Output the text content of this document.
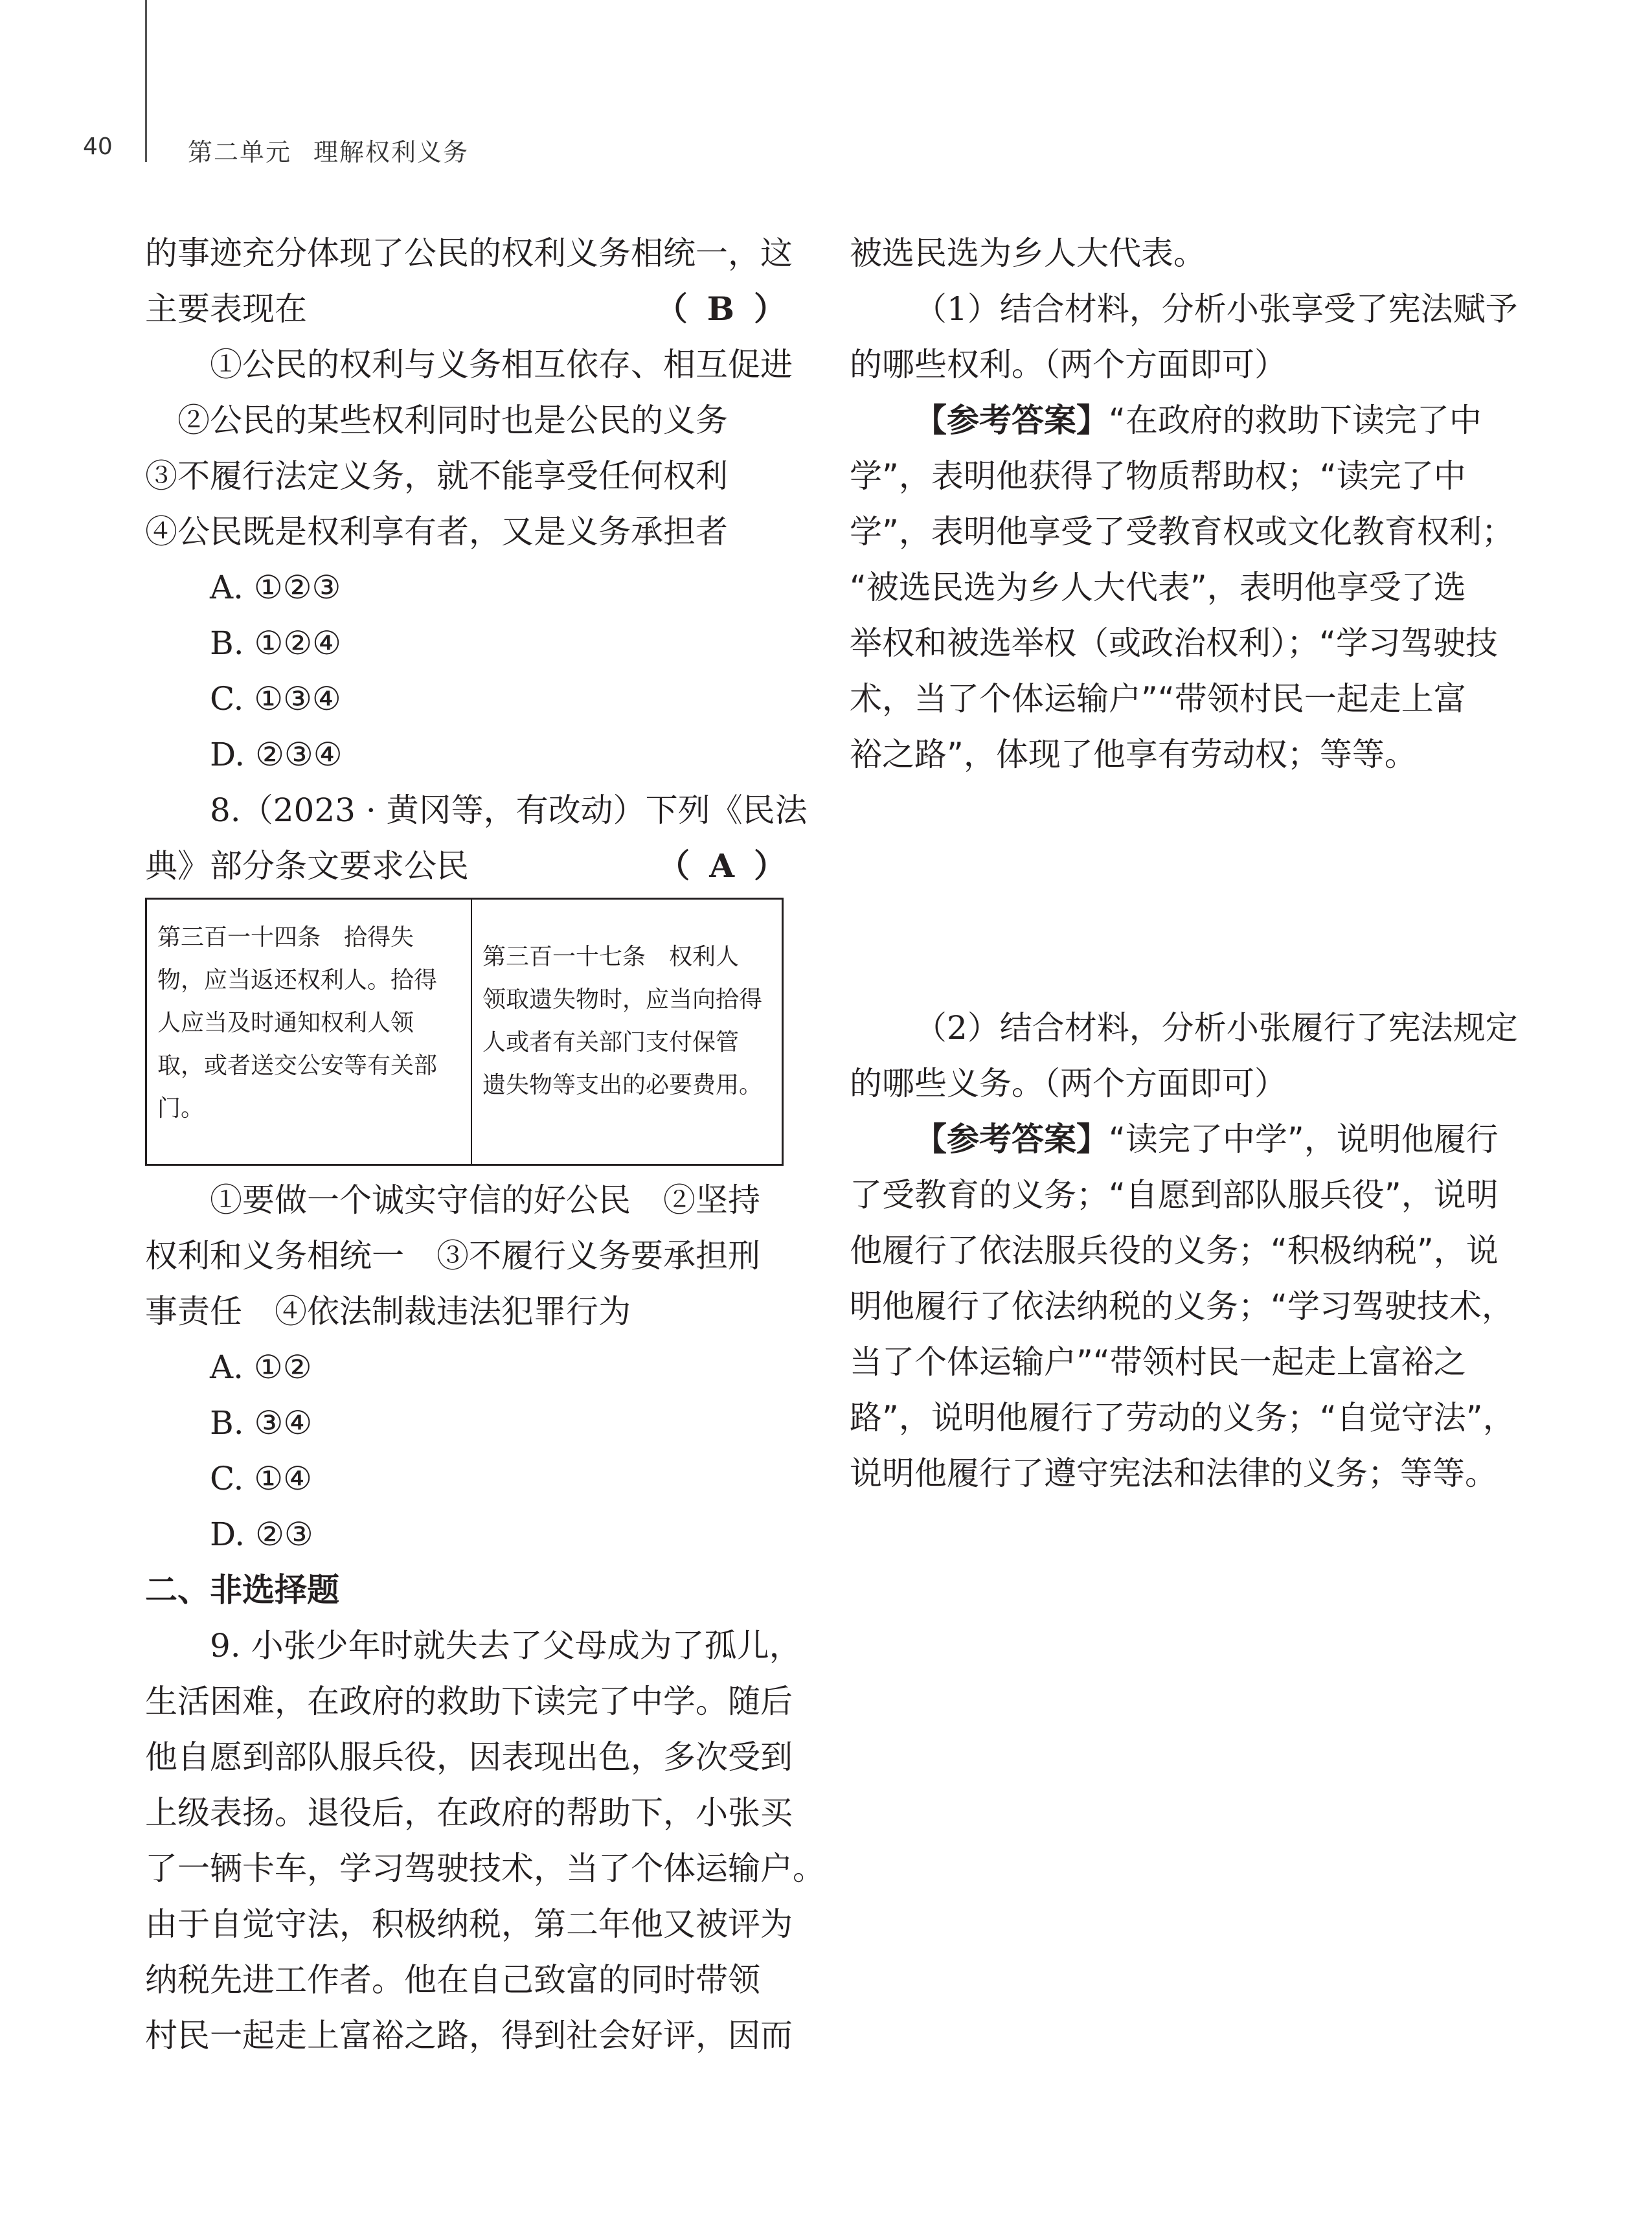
40	第二单元 理解权利义务
的事迹充分体现了公民的权利义务相统一，这
主要表现在	（ B ）
①公民的权利与义务相互依存、相互促进
②公民的某些权利同时也是公民的义务
③不履行法定义务，就不能享受任何权利
④公民既是权利享有者，又是义务承担者
A. ①②③
B. ①②④
C. ①③④
D. ②③④
8.（2023 · 黄冈等，有改动）下列《民法
典》部分条文要求公民	（ A ）
第三百一十四条　拾得失
物，应当返还权利人。拾得
人应当及时通知权利人领
取，或者送交公安等有关部
门。
第三百一十七条　权利人
领取遗失物时，应当向拾得
人或者有关部门支付保管
遗失物等支出的必要费用。
①要做一个诚实守信的好公民　②坚持
权利和义务相统一　③不履行义务要承担刑
事责任　④依法制裁违法犯罪行为
A. ①②
B. ③④
C. ①④
D. ②③
二、非选择题
9. 小张少年时就失去了父母成为了孤儿，
生活困难，在政府的救助下读完了中学。随后
他自愿到部队服兵役，因表现出色，多次受到
上级表扬。退役后，在政府的帮助下，小张买
了一辆卡车，学习驾驶技术，当了个体运输户。
由于自觉守法，积极纳税，第二年他又被评为
纳税先进工作者。他在自己致富的同时带领
村民一起走上富裕之路，得到社会好评，因而
被选民选为乡人大代表。
（1）结合材料，分析小张享受了宪法赋予
的哪些权利。（两个方面即可）
【参考答案】“在政府的救助下读完了中
学”，表明他获得了物质帮助权；“读完了中
学”，表明他享受了受教育权或文化教育权利；
“被选民选为乡人大代表”，表明他享受了选
举权和被选举权（或政治权利）；“学习驾驶技
术，当了个体运输户”“带领村民一起走上富
裕之路”，体现了他享有劳动权；等等。
（2）结合材料，分析小张履行了宪法规定
的哪些义务。（两个方面即可）
【参考答案】“读完了中学”，说明他履行
了受教育的义务；“自愿到部队服兵役”，说明
他履行了依法服兵役的义务；“积极纳税”，说
明他履行了依法纳税的义务；“学习驾驶技术，
当了个体运输户”“带领村民一起走上富裕之
路”，说明他履行了劳动的义务；“自觉守法”，
说明他履行了遵守宪法和法律的义务；等等。
